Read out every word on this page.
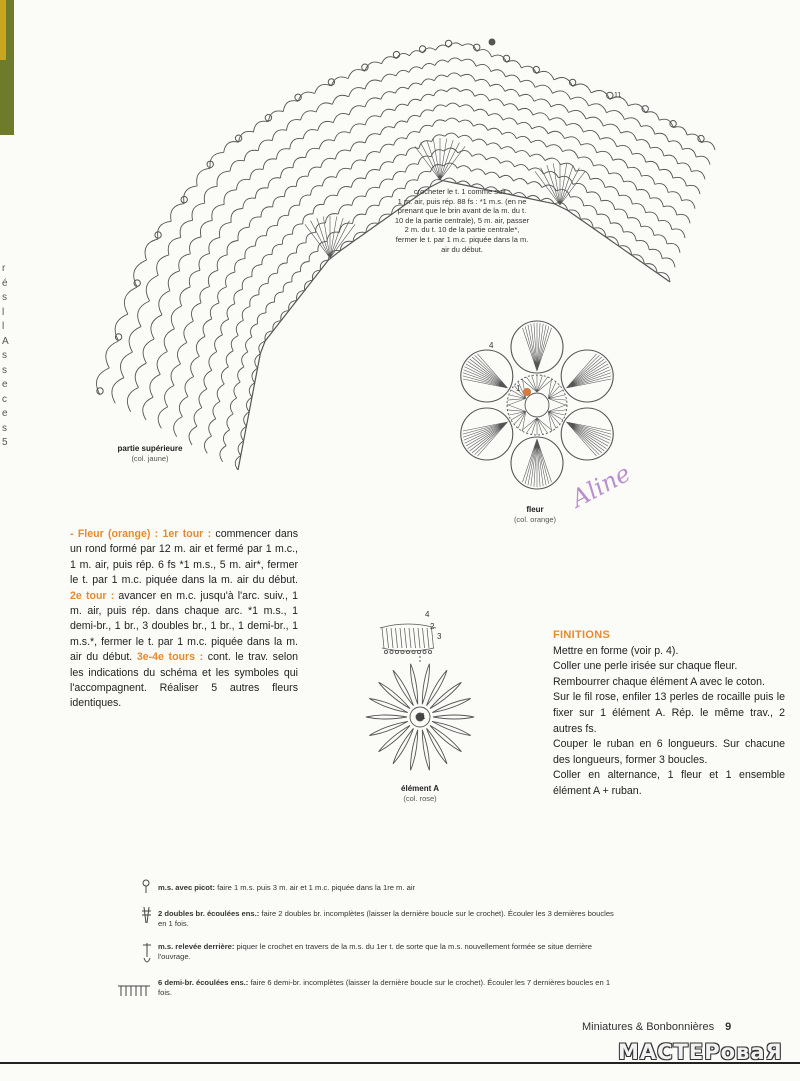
r
é
s
l
l
A
s
s
e
c
e
s
5
crocheter le t. 1 comme suit :
1 m. air, puis rép. 88 fs : *1 m.s. (en ne
prenant que le brin avant de la m. du t.
10 de la partie centrale), 5 m. air, passer
2 m. du t. 10 de la partie centrale*,
fermer le t. par 1 m.c. piquée dans la m.
air du début.
11
partie supérieure
(col. jaune)
4
1
fleur
(col. orange)
Aline
- Fleur (orange) : 1er tour : commencer dans un rond formé par 12 m. air et fermé par 1 m.c., 1 m. air, puis rép. 6 fs *1 m.s., 5 m. air*, fermer le t. par 1 m.c. piquée dans la m. air du début. 2e tour : avancer en m.c. jusqu'à l'arc. suiv., 1 m. air, puis rép. dans chaque arc. *1 m.s., 1 demi-br., 1 br., 3 doubles br., 1 br., 1 demi-br., 1 m.s.*, fermer le t. par 1 m.c. piquée dans la m. air du début. 3e-4e tours : cont. le trav. selon les indications du schéma et les symboles qui l'accompagnent. Réaliser 5 autres fleurs identiques.
4
2
3
1
élément A
(col. rose)
FINITIONS
Mettre en forme (voir p. 4).
Coller une perle irisée sur chaque fleur.
Rembourrer chaque élément A avec le coton.
Sur le fil rose, enfiler 13 perles de rocaille puis le fixer sur 1 élément A. Rép. le même trav., 2 autres fs.
Couper le ruban en 6 longueurs. Sur chacune des longueurs, former 3 boucles.
Coller en alternance, 1 fleur et 1 ensemble élément A + ruban.
m.s. avec picot: faire 1 m.s. puis 3 m. air et 1 m.c. piquée dans la 1re m. air
2 doubles br. écoulées ens.: faire 2 doubles br. incomplètes (laisser la dernière boucle sur le crochet). Écouler les 3 dernières boucles en 1 fois.
m.s. relevée derrière: piquer le crochet en travers de la m.s. du 1er t. de sorte que la m.s. nouvellement formée se situe derrière l'ouvrage.
6 demi-br. écoulées ens.: faire 6 demi-br. incomplètes (laisser la dernière boucle sur le crochet). Écouler les 7 dernières boucles en 1 fois.
Miniatures & Bonbonnières 9
МАСТЕРоваЯ
